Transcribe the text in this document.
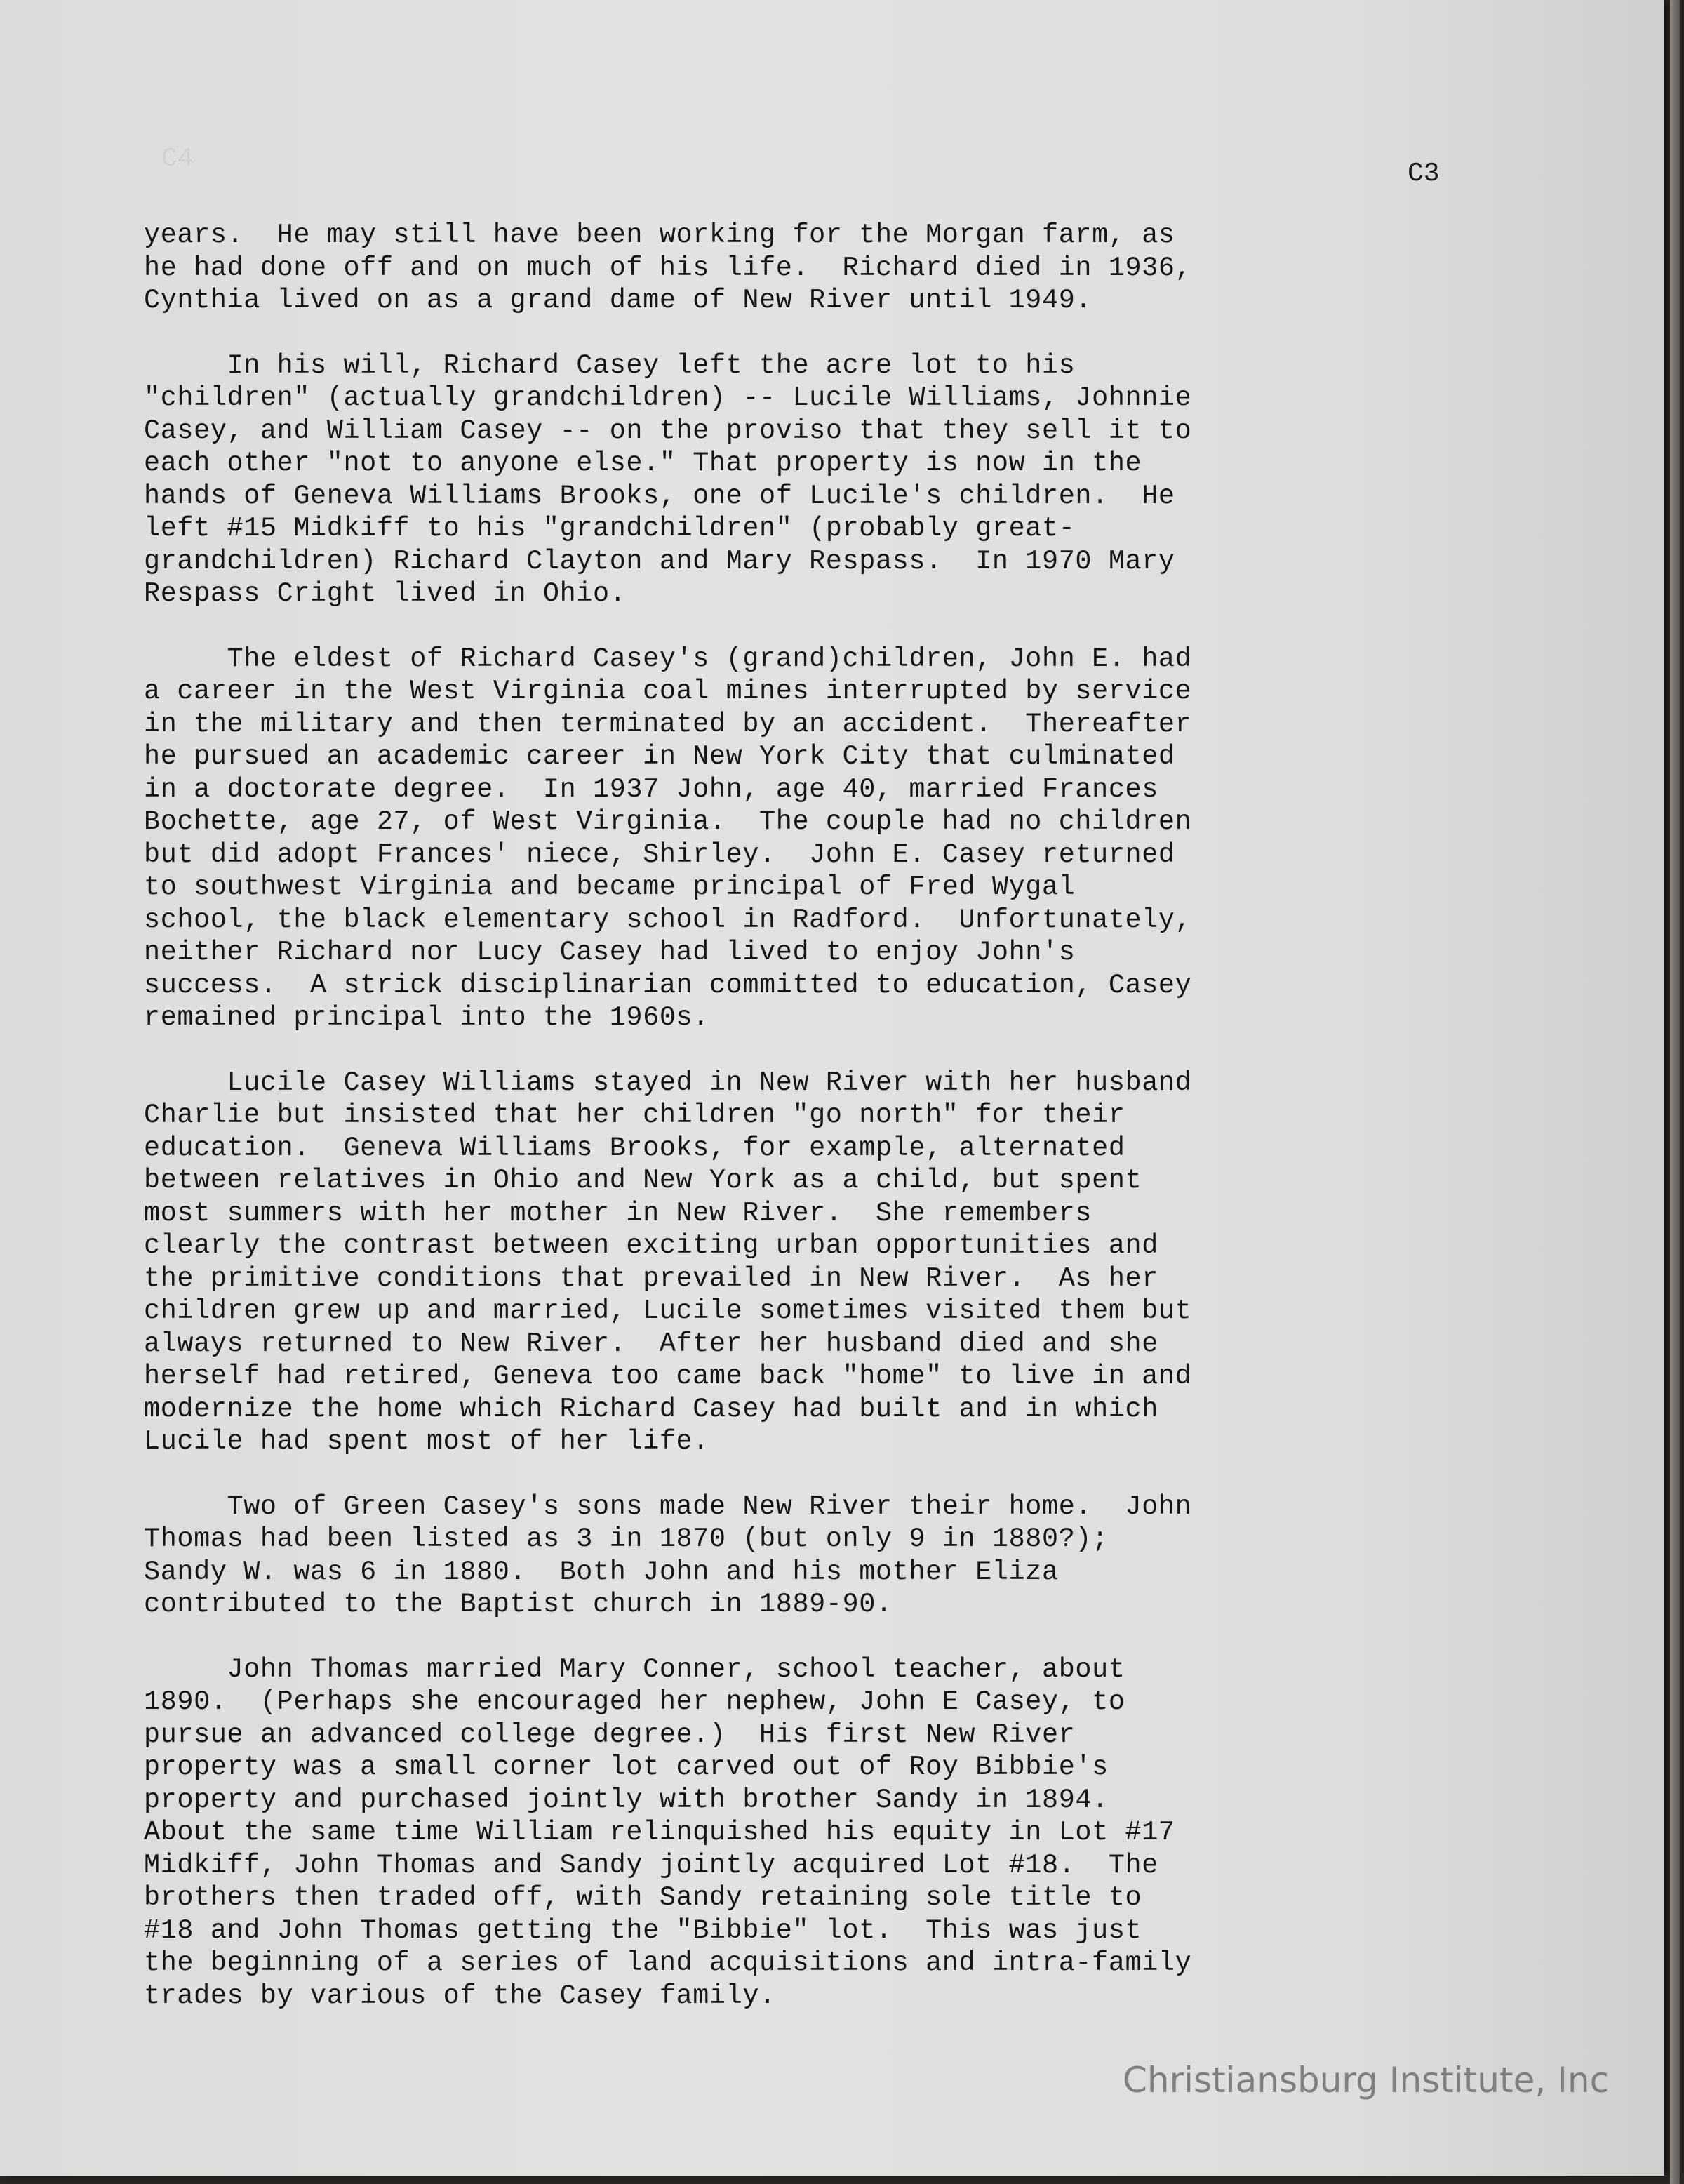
C4	C3

years.  He may still have been working for the Morgan farm, as
he had done off and on much of his life.  Richard died in 1936,
Cynthia lived on as a grand dame of New River until 1949.

In his will, Richard Casey left the acre lot to his
"children" (actually grandchildren) -- Lucile Williams, Johnnie
Casey, and William Casey -- on the proviso that they sell it to
each other "not to anyone else." That property is now in the
hands of Geneva Williams Brooks, one of Lucile's children.  He
left #15 Midkiff to his "grandchildren" (probably great-
grandchildren) Richard Clayton and Mary Respass.  In 1970 Mary
Respass Cright lived in Ohio.

The eldest of Richard Casey's (grand)children, John E. had
a career in the West Virginia coal mines interrupted by service
in the military and then terminated by an accident.  Thereafter
he pursued an academic career in New York City that culminated
in a doctorate degree.  In 1937 John, age 40, married Frances
Bochette, age 27, of West Virginia.  The couple had no children
but did adopt Frances' niece, Shirley.  John E. Casey returned
to southwest Virginia and became principal of Fred Wygal
school, the black elementary school in Radford.  Unfortunately,
neither Richard nor Lucy Casey had lived to enjoy John's
success.  A strick disciplinarian committed to education, Casey
remained principal into the 1960s.

Lucile Casey Williams stayed in New River with her husband
Charlie but insisted that her children "go north" for their
education.  Geneva Williams Brooks, for example, alternated
between relatives in Ohio and New York as a child, but spent
most summers with her mother in New River.  She remembers
clearly the contrast between exciting urban opportunities and
the primitive conditions that prevailed in New River.  As her
children grew up and married, Lucile sometimes visited them but
always returned to New River.  After her husband died and she
herself had retired, Geneva too came back "home" to live in and
modernize the home which Richard Casey had built and in which
Lucile had spent most of her life.

Two of Green Casey's sons made New River their home.  John
Thomas had been listed as 3 in 1870 (but only 9 in 1880?);
Sandy W. was 6 in 1880.  Both John and his mother Eliza
contributed to the Baptist church in 1889-90.

John Thomas married Mary Conner, school teacher, about
1890.  (Perhaps she encouraged her nephew, John E Casey, to
pursue an advanced college degree.)  His first New River
property was a small corner lot carved out of Roy Bibbie's
property and purchased jointly with brother Sandy in 1894.
About the same time William relinquished his equity in Lot #17
Midkiff, John Thomas and Sandy jointly acquired Lot #18.  The
brothers then traded off, with Sandy retaining sole title to
#18 and John Thomas getting the "Bibbie" lot.  This was just
the beginning of a series of land acquisitions and intra-family
trades by various of the Casey family.

Christiansburg Institute, Inc
